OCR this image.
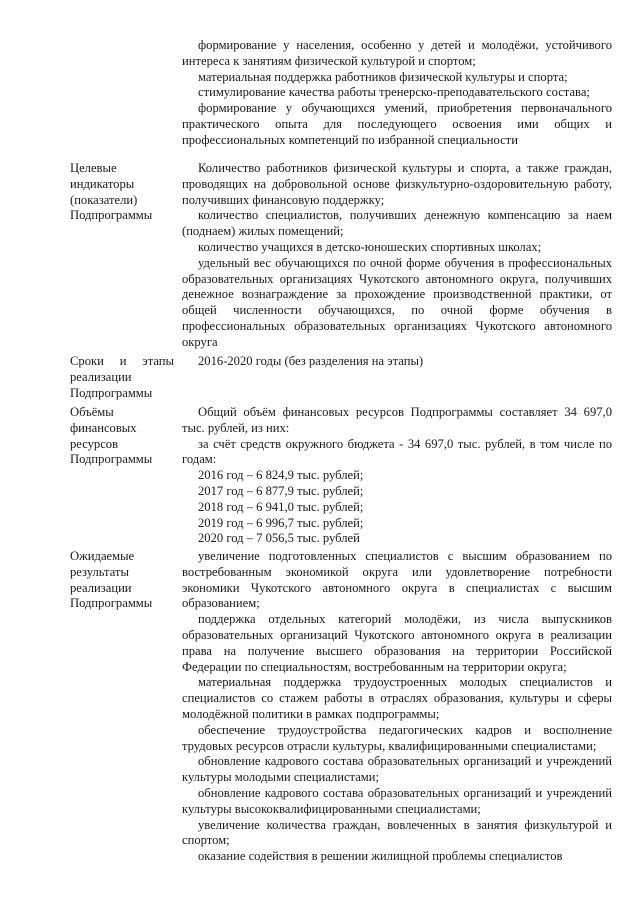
формирование у населения, особенно у детей и молодёжи, устойчивого интереса к занятиям физической культурой и спортом;

материальная поддержка работников физической культуры и спорта;

стимулирование качества работы тренерско-преподавательского состава;

формирование у обучающихся умений, приобретения первоначального практического опыта для последующего освоения ими общих и профессиональных компетенций по избранной специальности

Целевые
индикаторы
(показатели)
Подпрограммы

Количество работников физической культуры и спорта, а также граждан, проводящих на добровольной основе физкультурно-оздоровительную работу, получивших финансовую поддержку;

количество специалистов, получивших денежную компенсацию за наем (поднаем) жилых помещений;

количество учащихся в детско-юношеских спортивных школах;

удельный вес обучающихся по очной форме обучения в профессиональных образовательных организациях Чукотского автономного округа, получивших денежное вознаграждение за прохождение производственной практики, от общей численности обучающихся, по очной форме обучения в профессиональных образовательных организациях Чукотского автономного округа

Сроки и этапы
реализации
Подпрограммы

2016-2020 годы (без разделения на этапы)

Объёмы
финансовых
ресурсов
Подпрограммы

Общий объём финансовых ресурсов Подпрограммы составляет 34 697,0 тыс. рублей, из них:

за счёт средств окружного бюджета - 34 697,0 тыс. рублей, в том числе по годам:

2016 год – 6 824,9 тыс. рублей;

2017 год – 6 877,9 тыс. рублей;

2018 год – 6 941,0 тыс. рублей;

2019 год – 6 996,7 тыс. рублей;

2020 год – 7 056,5 тыс. рублей

Ожидаемые
результаты
реализации
Подпрограммы

увеличение подготовленных специалистов с высшим образованием по востребованным экономикой округа или удовлетворение потребности экономики Чукотского автономного округа в специалистах с высшим образованием;

поддержка отдельных категорий молодёжи, из числа выпускников образовательных организаций Чукотского автономного округа в реализации права на получение высшего образования на территории Российской Федерации по специальностям, востребованным на территории округа;

материальная поддержка трудоустроенных молодых специалистов и специалистов со стажем работы в отраслях образования, культуры и сферы молодёжной политики в рамках подпрограммы;

обеспечение трудоустройства педагогических кадров и восполнение трудовых ресурсов отрасли культуры, квалифицированными специалистами;

обновление кадрового состава образовательных организаций и учреждений культуры молодыми специалистами;

обновление кадрового состава образовательных организаций и учреждений культуры высококвалифицированными специалистами;

увеличение количества граждан, вовлеченных в занятия физкультурой и спортом;

оказание содействия в решении жилищной проблемы специалистов
